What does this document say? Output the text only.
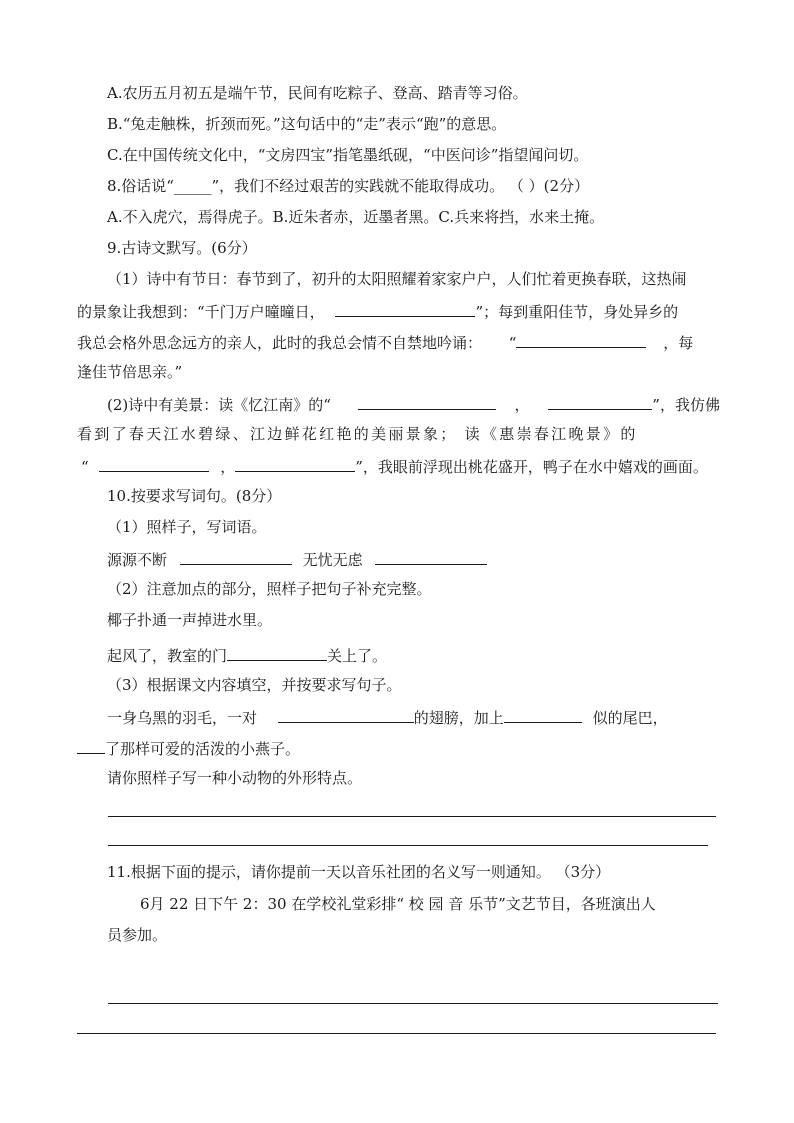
A.农历五月初五是端午节，民间有吃粽子、登高、踏青等习俗。
B.“兔走触株，折颈而死。”这句话中的“走”表示“跑”的意思。
C.在中国传统文化中，“文房四宝”指笔墨纸砚，“中医问诊”指望闻问切。
8.俗话说“_____”，我们不经过艰苦的实践就不能取得成功。 （ ）(2分）
A.不入虎穴，焉得虎子。B.近朱者赤，近墨者黑。C.兵来将挡，水来土掩。
9.古诗文默写。(6分）
（1）诗中有节日：春节到了，初升的太阳照耀着家家户户，人们忙着更换春联，这热闹
的景象让我想到：“千门万户曈曈日，	”；每到重阳佳节，身处异乡的
我总会格外思念远方的亲人，此时的我总会情不自禁地吟诵： “	，每
逢佳节倍思亲。”
(2)诗中有美景：读《忆江南》的“	，	”，我仿佛
看到了春天江水碧绿、江边鲜花红艳的美丽景象； 读《惠崇春江晚景》的
“	，	”，我眼前浮现出桃花盛开，鸭子在水中嬉戏的画面。
10.按要求写词句。(8分）
（1）照样子，写词语。
源源不断	无忧无虑
（2）注意加点的部分，照样子把句子补充完整。
椰子扑通一声掉进水里。
起风了，教室的门	关上了。
（3）根据课文内容填空，并按要求写句子。
一身乌黑的羽毛，一对	的翅膀，加上	似的尾巴，
了那样可爱的活泼的小燕子。
请你照样子写一种小动物的外形特点。
11.根据下面的提示，请你提前一天以音乐社团的名义写一则通知。 （3分）
6月 22 日下午 2：30 在学校礼堂彩排“ 校 园 音 乐节”文艺节目，各班演出人
员参加。
